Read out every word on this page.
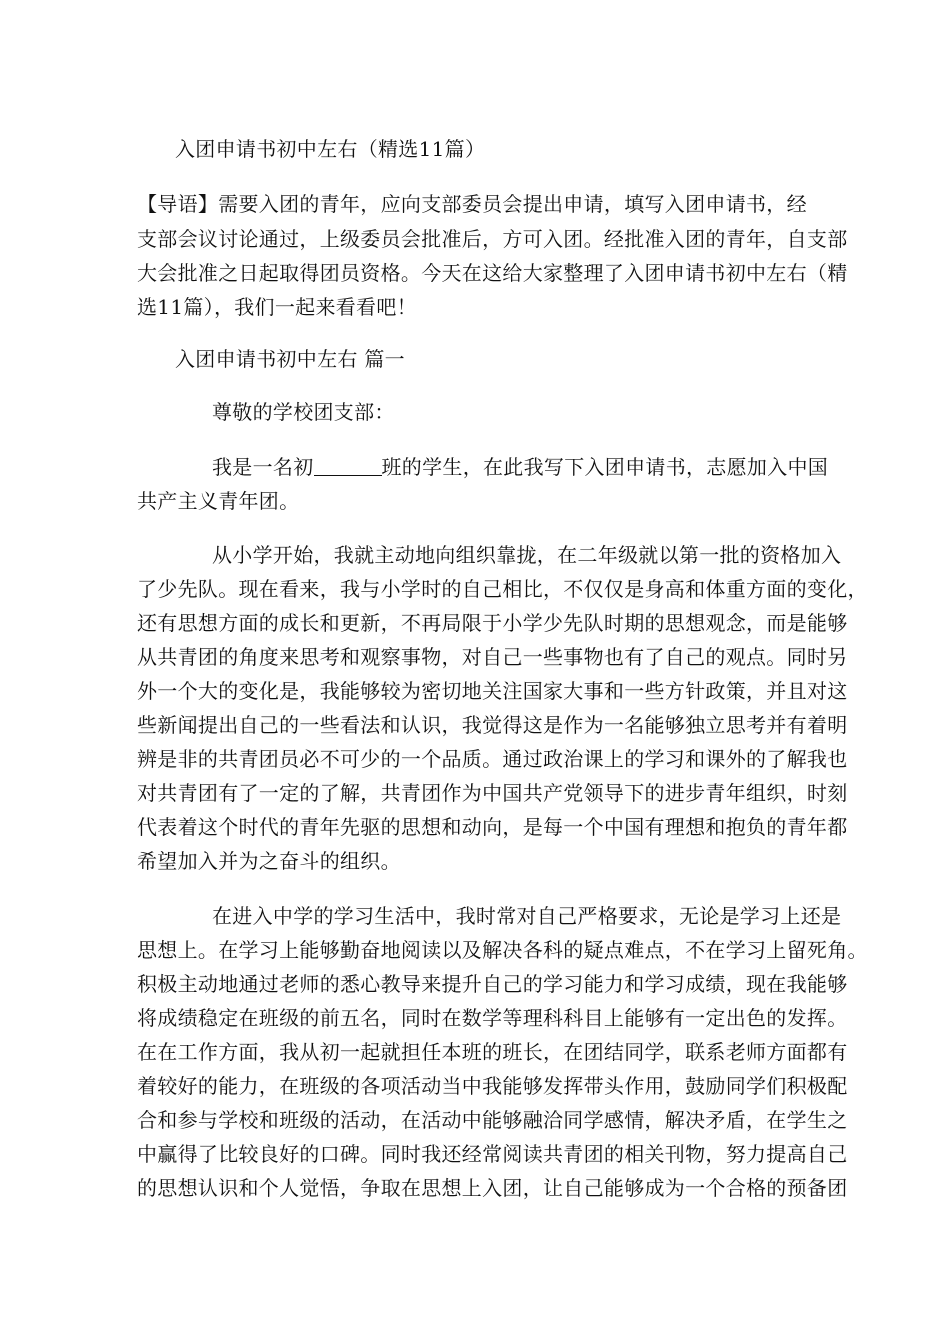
入团申请书初中左右（精选11篇）
【导语】需要入团的青年，应向支部委员会提出申请，填写入团申请书，经
支部会议讨论通过，上级委员会批准后，方可入团。经批准入团的青年，自支部
大会批准之日起取得团员资格。今天在这给大家整理了入团申请书初中左右（精
选11篇），我们一起来看看吧！
入团申请书初中左右 篇一
尊敬的学校团支部：
我是一名初	班的学生，在此我写下入团申请书，志愿加入中国
共产主义青年团。
从小学开始，我就主动地向组织靠拢，在二年级就以第一批的资格加入
了少先队。现在看来，我与小学时的自己相比，不仅仅是身高和体重方面的变化，
还有思想方面的成长和更新，不再局限于小学少先队时期的思想观念，而是能够
从共青团的角度来思考和观察事物，对自己一些事物也有了自己的观点。同时另
外一个大的变化是，我能够较为密切地关注国家大事和一些方针政策，并且对这
些新闻提出自己的一些看法和认识，我觉得这是作为一名能够独立思考并有着明
辨是非的共青团员必不可少的一个品质。通过政治课上的学习和课外的了解我也
对共青团有了一定的了解，共青团作为中国共产党领导下的进步青年组织，时刻
代表着这个时代的青年先驱的思想和动向，是每一个中国有理想和抱负的青年都
希望加入并为之奋斗的组织。
在进入中学的学习生活中，我时常对自己严格要求，无论是学习上还是
思想上。在学习上能够勤奋地阅读以及解决各科的疑点难点，不在学习上留死角。
积极主动地通过老师的悉心教导来提升自己的学习能力和学习成绩，现在我能够
将成绩稳定在班级的前五名，同时在数学等理科科目上能够有一定出色的发挥。
在在工作方面，我从初一起就担任本班的班长，在团结同学，联系老师方面都有
着较好的能力，在班级的各项活动当中我能够发挥带头作用，鼓励同学们积极配
合和参与学校和班级的活动，在活动中能够融洽同学感情，解决矛盾，在学生之
中赢得了比较良好的口碑。同时我还经常阅读共青团的相关刊物，努力提高自己
的思想认识和个人觉悟，争取在思想上入团，让自己能够成为一个合格的预备团
